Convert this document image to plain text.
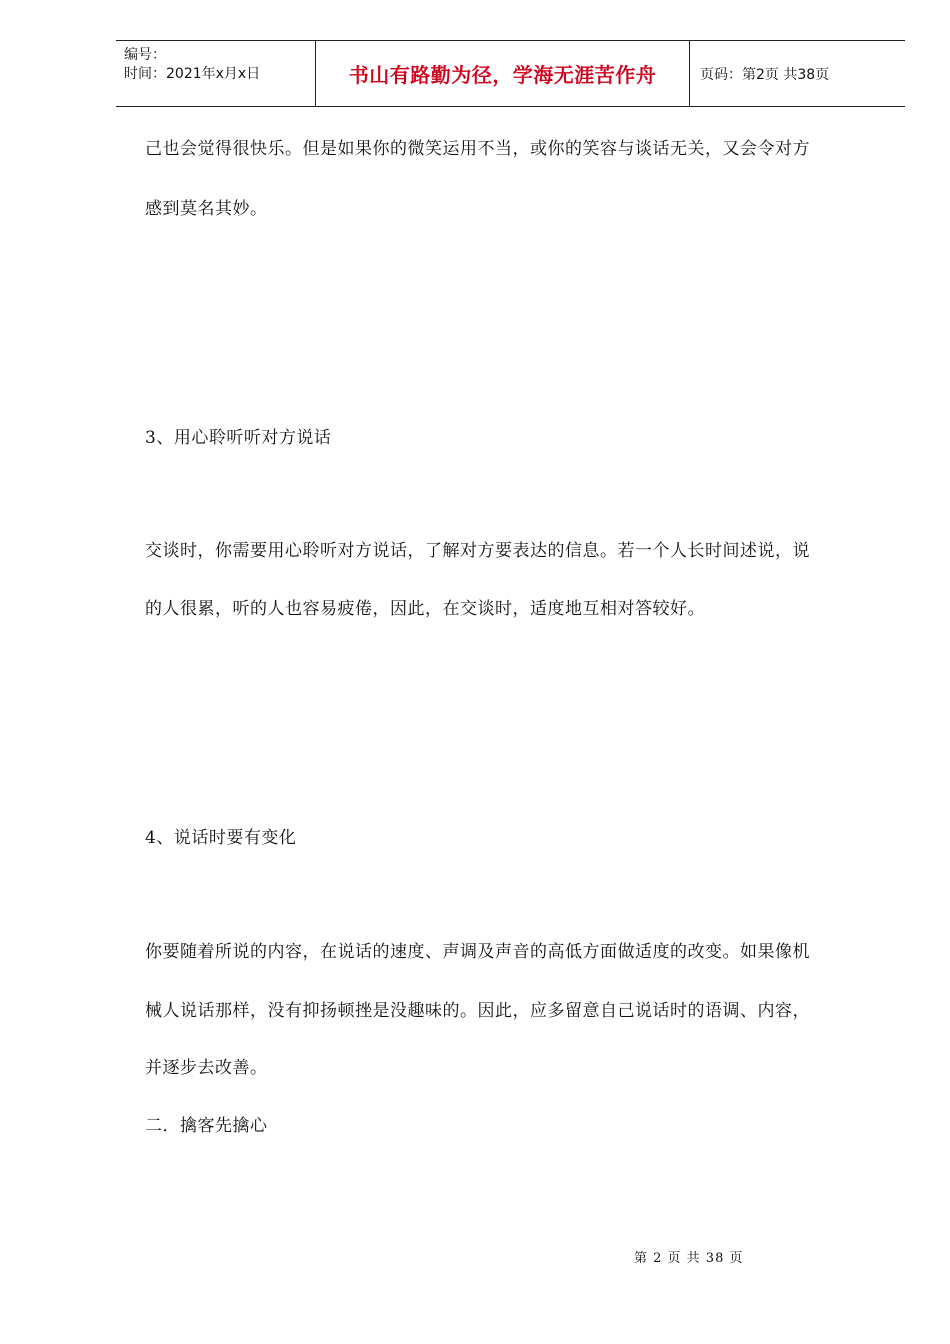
编号：
时间：2021年x月x日	书山有路勤为径，学海无涯苦作舟	页码：第2页 共38页
己也会觉得很快乐。但是如果你的微笑运用不当，或你的笑容与谈话无关，又会令对方
感到莫名其妙。
3、用心聆听听对方说话
交谈时，你需要用心聆听对方说话，了解对方要表达的信息。若一个人长时间述说，说
的人很累，听的人也容易疲倦，因此，在交谈时，适度地互相对答较好。
4、说话时要有变化
你要随着所说的内容，在说话的速度、声调及声音的高低方面做适度的改变。如果像机
械人说话那样，没有抑扬顿挫是没趣味的。因此，应多留意自己说话时的语调、内容，
并逐步去改善。
二．擒客先擒心
第 2 页 共 38 页
